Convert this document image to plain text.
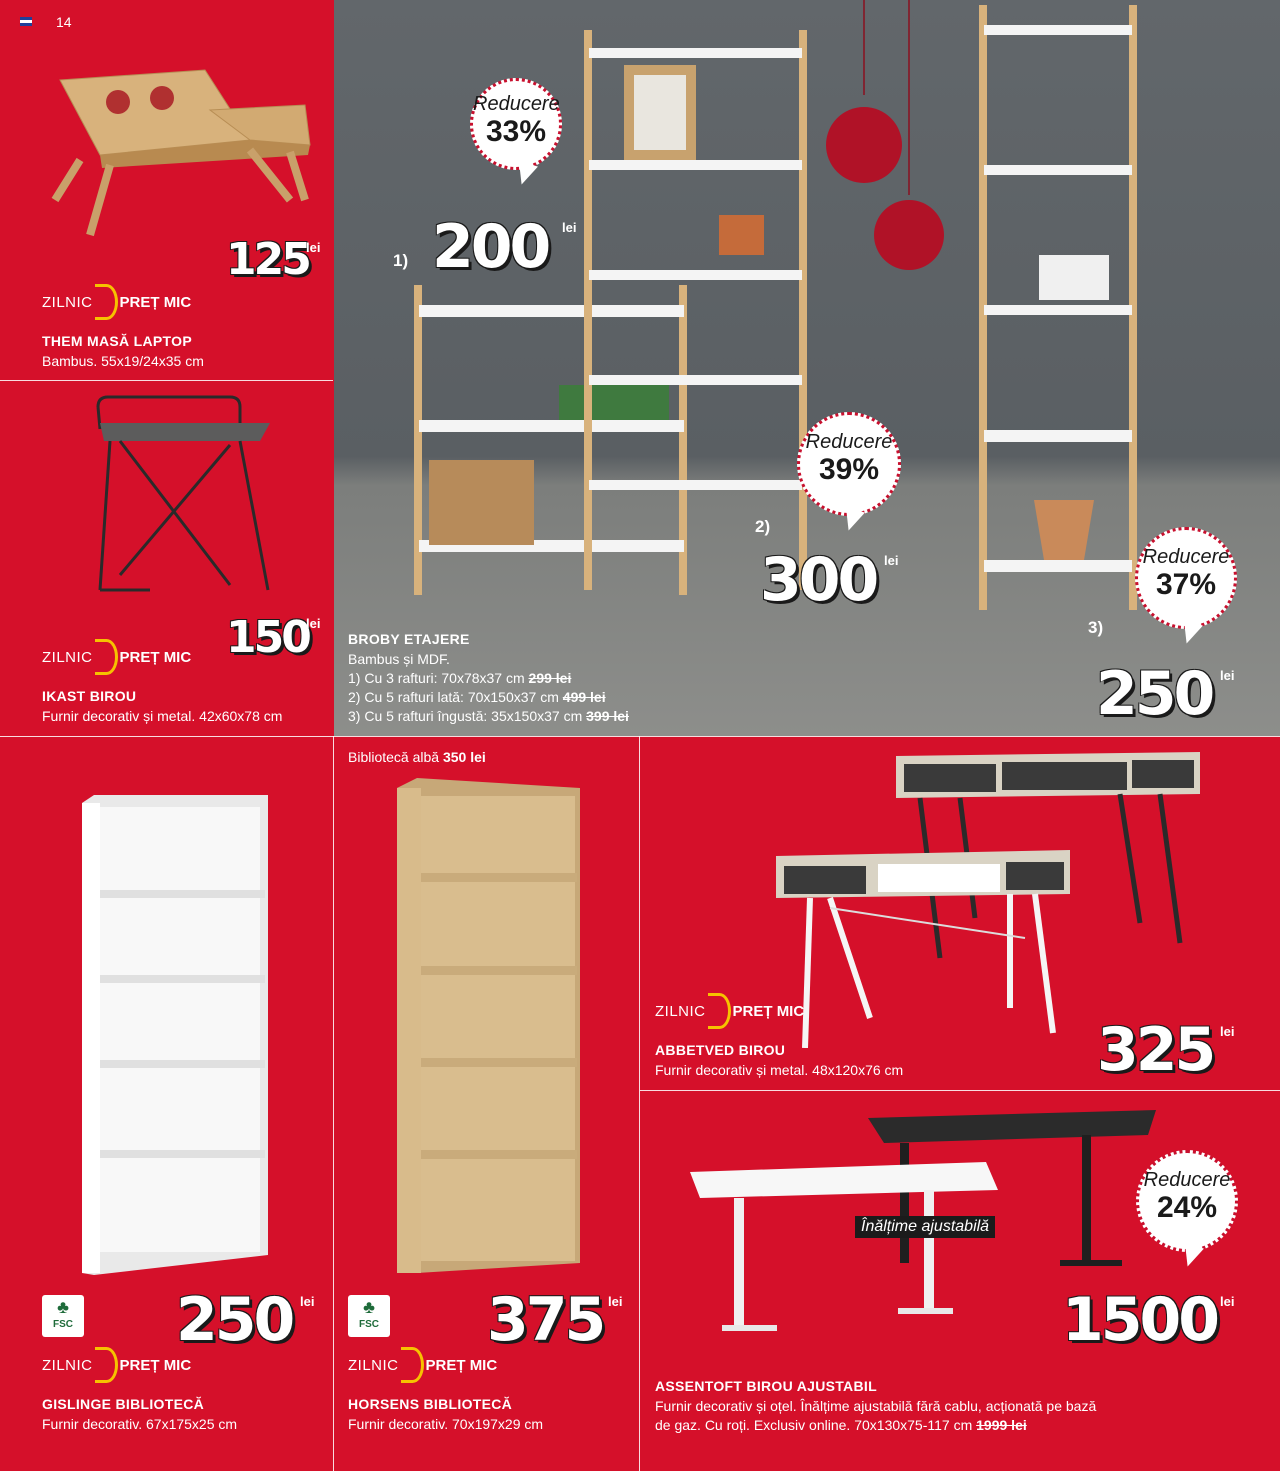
14
125
lei
ZILNIC PREȚ MIC
THEM MASĂ LAPTOP
Bambus. 55x19/24x35 cm
150
lei
ZILNIC PREȚ MIC
IKAST BIROU
Furnir decorativ și metal. 42x60x78 cm
Reducere
33%
1) 200 lei
Reducere
39%
2)
300 lei	Reducere
37%
3)
250 lei
BROBY ETAJERE
Bambus și MDF.
1) Cu 3 rafturi: 70x78x37 cm 299 lei
2) Cu 5 rafturi lată: 70x150x37 cm 499 lei
3) Cu 5 rafturi îngustă: 35x150x37 cm 399 lei
♣
FSC 250 lei
ZILNIC PREȚ MIC
GISLINGE BIBLIOTECĂ
Furnir decorativ. 67x175x25 cm
Bibliotecă albă 350 lei
♣
FSC 375 lei
ZILNIC PREȚ MIC
HORSENS BIBLIOTECĂ
Furnir decorativ. 70x197x29 cm
ZILNIC PREȚ MIC
325 lei
ABBETVED BIROU
Furnir decorativ și metal. 48x120x76 cm
Înălțime ajustabilă
Reducere
24%
1500 lei
ASSENTOFT BIROU AJUSTABIL
Furnir decorativ și oțel. Înălțime ajustabilă fără cablu, acționată pe bază de gaz. Cu roți. Exclusiv online. 70x130x75-117 cm 1999 lei
